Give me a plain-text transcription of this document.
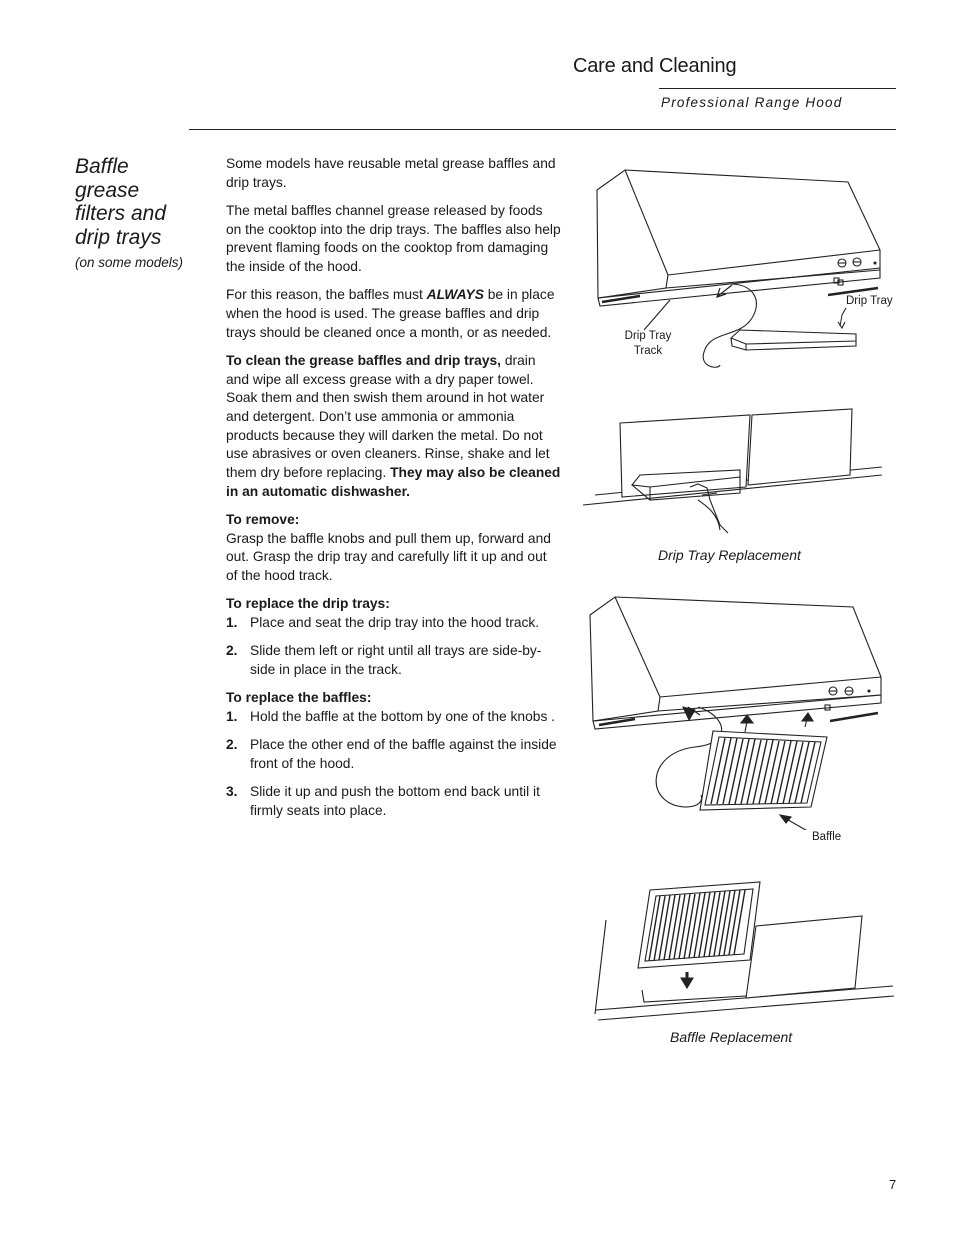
Care and Cleaning
Professional Range Hood
Baffle
grease
filters and
drip trays
(on some models)

Some models have reusable metal grease baffles and drip trays.

The metal baffles channel grease released by foods on the cooktop into the drip trays. The baffles also help prevent flaming foods on the cooktop from damaging the inside of the hood.

For this reason, the baffles must ALWAYS be in place when the hood is used. The grease baffles and drip trays should be cleaned once a month, or as needed.

To clean the grease baffles and drip trays, drain and wipe all excess grease with a dry paper towel. Soak them and then swish them around in hot water and detergent. Don’t use ammonia or ammonia products because they will darken the metal. Do not use abrasives or oven cleaners. Rinse, shake and let them dry before replacing. They may also be cleaned in an automatic dishwasher.

To remove:
Grasp the baffle knobs and pull them up, forward and out. Grasp the drip tray and carefully lift it up and out of the hood track.

To replace the drip trays:
1. Place and seat the drip tray into the hood track.
2. Slide them left or right until all trays are side-by-side in place in the track.
To replace the baffles:
1. Hold the baffle at the bottom by one of the knobs .
2. Place the other end of the baffle against the inside front of the hood.
3. Slide it up and push the bottom end back until it firmly seats into place.
Drip Tray
Drip Tray
Track
Drip Tray Replacement
Baffle
Baffle Replacement
7
